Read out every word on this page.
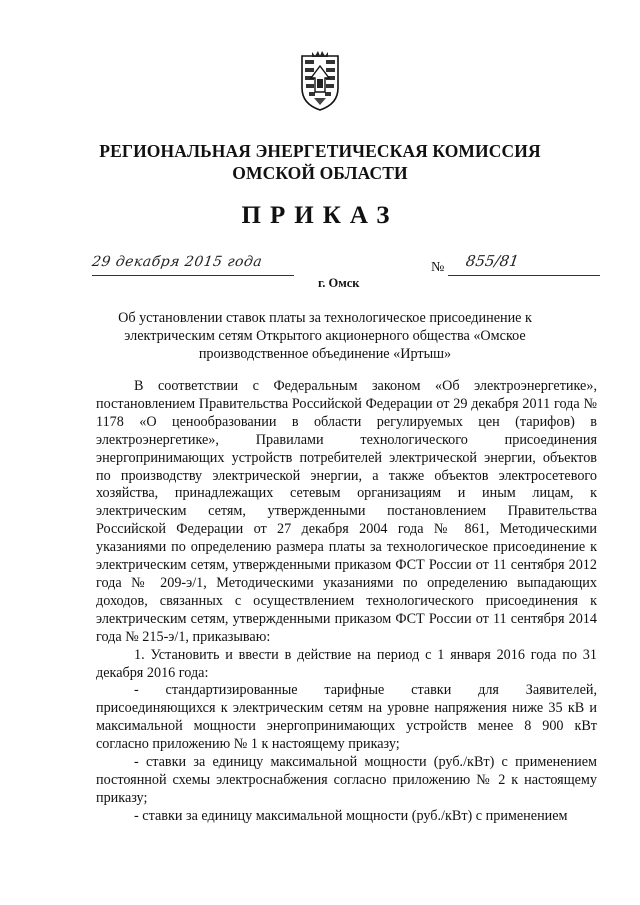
РЕГИОНАЛЬНАЯ ЭНЕРГЕТИЧЕСКАЯ КОМИССИЯ
ОМСКОЙ ОБЛАСТИ
ПРИКАЗ
29 декабря 2015 года
г. Омск
№ 855/81
Об установлении ставок платы за технологическое присоединение к электрическим сетям Открытого акционерного общества «Омское производственное объединение «Иртыш»

В соответствии с Федеральным законом «Об электроэнергетике», постановлением Правительства Российской Федерации от 29 декабря 2011 года № 1178 «О ценообразовании в области регулируемых цен (тарифов) в электроэнергетике», Правилами технологического присоединения энергопринимающих устройств потребителей электрической энергии, объектов по производству электрической энергии, а также объектов электросетевого хозяйства, принадлежащих сетевым организациям и иным лицам, к электрическим сетям, утвержденными постановлением Правительства Российской Федерации от 27 декабря 2004 года № 861, Методическими указаниями по определению размера платы за технологическое присоединение к электрическим сетям, утвержденными приказом ФСТ России от 11 сентября 2012 года № 209-э/1, Методическими указаниями по определению выпадающих доходов, связанных с осуществлением технологического присоединения к электрическим сетям, утвержденными приказом ФСТ России от 11 сентября 2014 года № 215-э/1, приказываю:

1. Установить и ввести в действие на период с 1 января 2016 года по 31 декабря 2016 года:

- стандартизированные тарифные ставки для Заявителей, присоединяющихся к электрическим сетям на уровне напряжения ниже 35 кВ и максимальной мощности энергопринимающих устройств менее 8 900 кВт согласно приложению № 1 к настоящему приказу;

- ставки за единицу максимальной мощности (руб./кВт) с применением постоянной схемы электроснабжения согласно приложению № 2 к настоящему приказу;

- ставки за единицу максимальной мощности (руб./кВт) с применением
